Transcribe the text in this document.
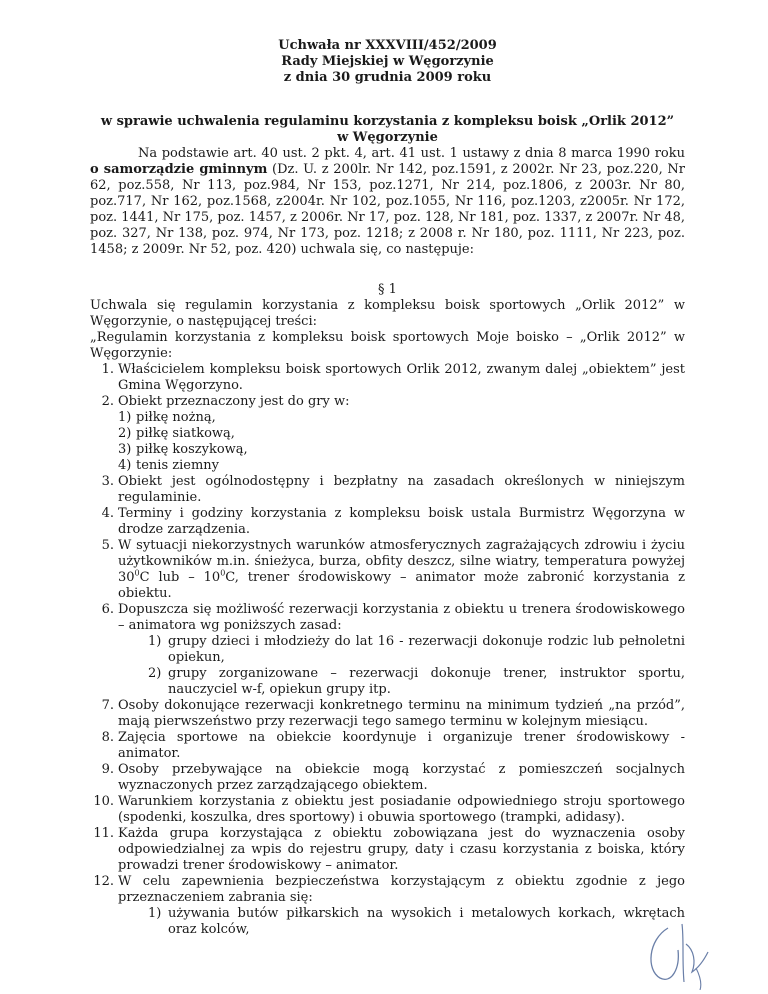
Uchwała nr XXXVIII/452/2009
Rady Miejskiej w Węgorzynie
z dnia 30 grudnia 2009 roku
w sprawie uchwalenia regulaminu korzystania z kompleksu boisk „Orlik 2012”
w Węgorzynie

Na podstawie art. 40 ust. 2 pkt. 4, art. 41 ust. 1 ustawy z dnia 8 marca 1990 roku o samorządzie gminnym (Dz. U. z 200lr. Nr 142, poz.1591, z 2002r. Nr 23, poz.220, Nr 62, poz.558, Nr 113, poz.984, Nr 153, poz.1271, Nr 214, poz.1806, z 2003r. Nr 80, poz.717, Nr 162, poz.1568, z2004r. Nr 102, poz.1055, Nr 116, poz.1203, z2005r. Nr 172, poz. 1441, Nr 175, poz. 1457, z 2006r. Nr 17, poz. 128, Nr 181, poz. 1337, z 2007r. Nr 48, poz. 327, Nr 138, poz. 974, Nr 173, poz. 1218; z 2008 r. Nr 180, poz. 1111, Nr 223, poz. 1458; z 2009r. Nr 52, poz. 420) uchwala się, co następuje:

§ 1

Uchwala się regulamin korzystania z kompleksu boisk sportowych „Orlik 2012” w Węgorzynie, o następującej treści:

„Regulamin korzystania z kompleksu boisk sportowych Moje boisko – „Orlik 2012” w Węgorzynie:

1. Właścicielem kompleksu boisk sportowych Orlik 2012, zwanym dalej „obiektem” jest Gmina Węgorzyno.
2. Obiekt przeznaczony jest do gry w:
1) piłkę nożną,
2) piłkę siatkową,
3) piłkę koszykową,
4) tenis ziemny
3. Obiekt jest ogólnodostępny i bezpłatny na zasadach określonych w niniejszym regulaminie.
4. Terminy i godziny korzystania z kompleksu boisk ustala Burmistrz Węgorzyna w drodze zarządzenia.
5. W sytuacji niekorzystnych warunków atmosferycznych zagrażających zdrowiu i życiu użytkowników m.in. śnieżyca, burza, obfity deszcz, silne wiatry, temperatura powyżej $30^0C$ lub – $10^0C$, trener środowiskowy – animator może zabronić korzystania z obiektu.
6. Dopuszcza się możliwość rezerwacji korzystania z obiektu u trenera środowiskowego – animatora wg poniższych zasad:
1) grupy dzieci i młodzieży do lat 16 - rezerwacji dokonuje rodzic lub pełnoletni opiekun,
2) grupy zorganizowane – rezerwacji dokonuje trener, instruktor sportu, nauczyciel w-f, opiekun grupy itp.
7. Osoby dokonujące rezerwacji konkretnego terminu na minimum tydzień „na przód”, mają pierwszeństwo przy rezerwacji tego samego terminu w kolejnym miesiącu.
8. Zajęcia sportowe na obiekcie koordynuje i organizuje trener środowiskowy - animator.
9. Osoby przebywające na obiekcie mogą korzystać z pomieszczeń socjalnych wyznaczonych przez zarządzającego obiektem.
10. Warunkiem korzystania z obiektu jest posiadanie odpowiedniego stroju sportowego (spodenki, koszulka, dres sportowy) i obuwia sportowego (trampki, adidasy).
11. Każda grupa korzystająca z obiektu zobowiązana jest do wyznaczenia osoby odpowiedzialnej za wpis do rejestru grupy, daty i czasu korzystania z boiska, który prowadzi trener środowiskowy – animator.
12. W celu zapewnienia bezpieczeństwa korzystającym z obiektu zgodnie z jego przeznaczeniem zabrania się:
1) używania butów piłkarskich na wysokich i metalowych korkach, wkrętach oraz kolców,
